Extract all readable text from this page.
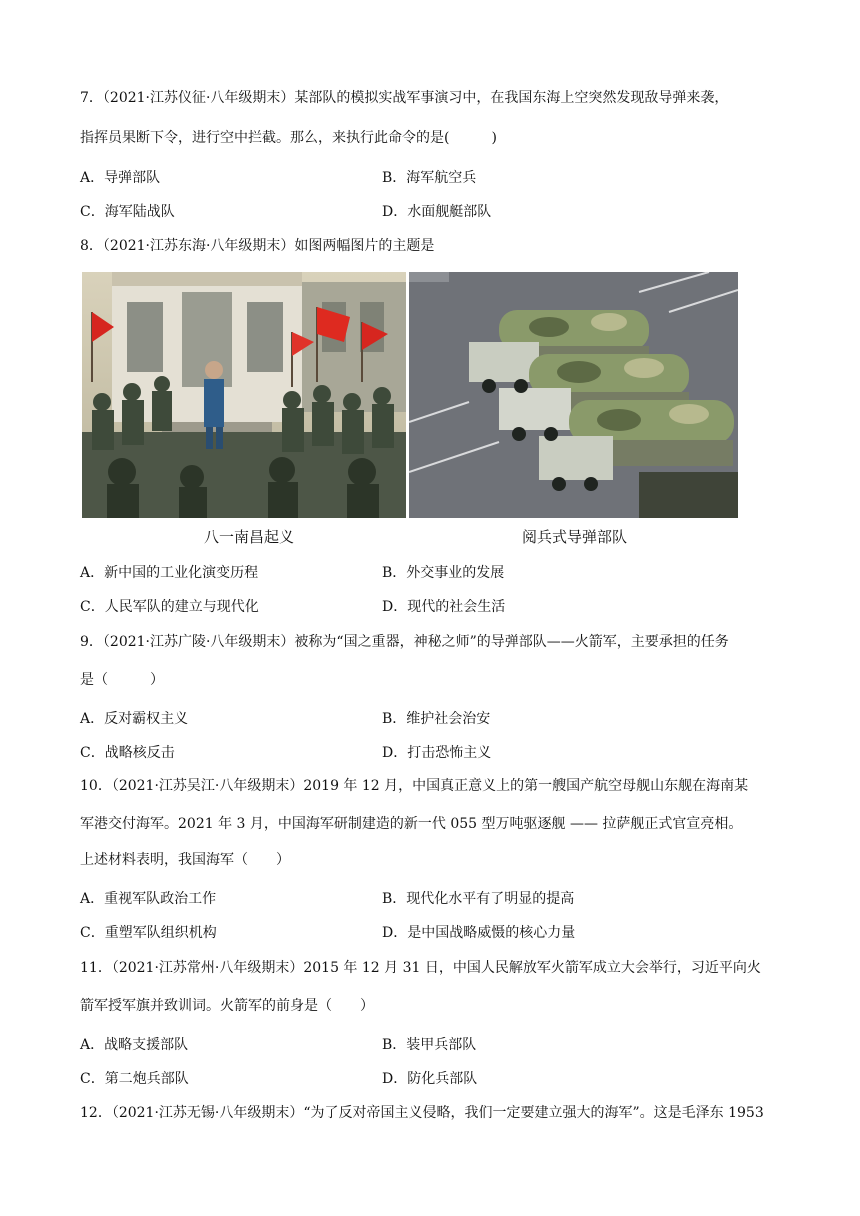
7．（2021·江苏仪征·八年级期末）某部队的模拟实战军事演习中，在我国东海上空突然发现敌导弹来袭，
指挥员果断下令，进行空中拦截。那么，来执行此命令的是(　　　)
A．导弹部队	B．海军航空兵
C．海军陆战队	D．水面舰艇部队
8．（2021·江苏东海·八年级期末）如图两幅图片的主题是
八一南昌起义	阅兵式导弹部队
A．新中国的工业化演变历程	B．外交事业的发展
C．人民军队的建立与现代化	D．现代的社会生活
9．（2021·江苏广陵·八年级期末）被称为“国之重器，神秘之师”的导弹部队——火箭军，主要承担的任务
是（　　　）
A．反对霸权主义	B．维护社会治安
C．战略核反击	D．打击恐怖主义
10．（2021·江苏吴江·八年级期末）2019 年 12 月，中国真正意义上的第一艘国产航空母舰山东舰在海南某
军港交付海军。2021 年 3 月，中国海军研制建造的新一代 055 型万吨驱逐舰 —— 拉萨舰正式官宣亮相。
上述材料表明，我国海军（　　）
A．重视军队政治工作	B．现代化水平有了明显的提高
C．重塑军队组织机构	D．是中国战略威慑的核心力量
11．（2021·江苏常州·八年级期末）2015 年 12 月 31 日，中国人民解放军火箭军成立大会举行，习近平向火
箭军授军旗并致训词。火箭军的前身是（　　）
A．战略支援部队	B．装甲兵部队
C．第二炮兵部队	D．防化兵部队
12．（2021·江苏无锡·八年级期末）“为了反对帝国主义侵略，我们一定要建立强大的海军”。这是毛泽东 1953
